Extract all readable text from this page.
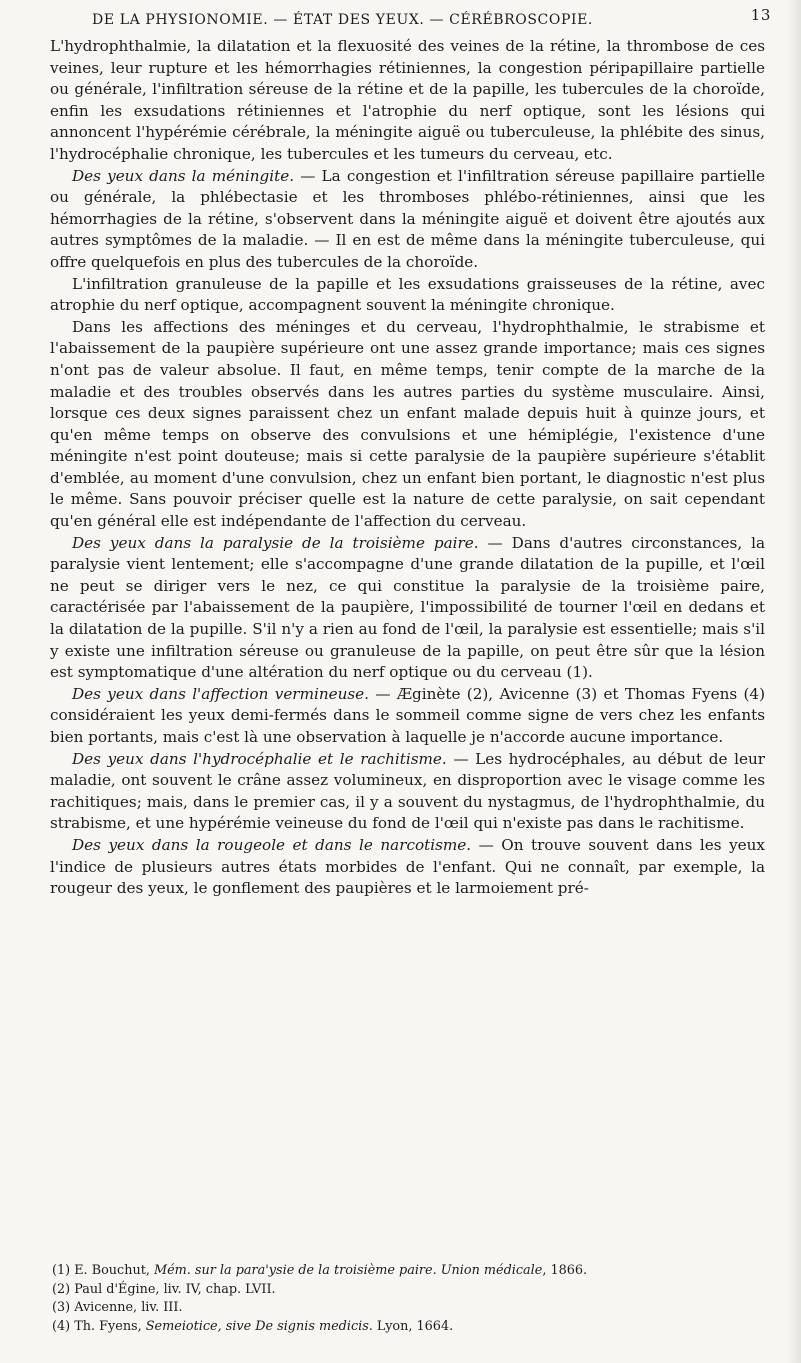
DE LA PHYSIONOMIE. — ÉTAT DES YEUX. — CÉRÉBROSCOPIE.	13

L'hydrophthalmie, la dilatation et la flexuosité des veines de la rétine, la thrombose de ces veines, leur rupture et les hémorrhagies rétiniennes, la congestion péripapillaire partielle ou générale, l'infiltration séreuse de la rétine et de la papille, les tubercules de la choroïde, enfin les exsudations rétiniennes et l'atrophie du nerf optique, sont les lésions qui annoncent l'hypérémie cérébrale, la méningite aiguë ou tuberculeuse, la phlébite des sinus, l'hydrocéphalie chronique, les tubercules et les tumeurs du cerveau, etc.

Des yeux dans la méningite. — La congestion et l'infiltration séreuse papillaire partielle ou générale, la phlébectasie et les thromboses phlébo-rétiniennes, ainsi que les hémorrhagies de la rétine, s'observent dans la méningite aiguë et doivent être ajoutés aux autres symptômes de la maladie. — Il en est de même dans la méningite tuberculeuse, qui offre quelquefois en plus des tubercules de la choroïde.

L'infiltration granuleuse de la papille et les exsudations graisseuses de la rétine, avec atrophie du nerf optique, accompagnent souvent la méningite chronique.

Dans les affections des méninges et du cerveau, l'hydrophthalmie, le strabisme et l'abaissement de la paupière supérieure ont une assez grande importance; mais ces signes n'ont pas de valeur absolue. Il faut, en même temps, tenir compte de la marche de la maladie et des troubles observés dans les autres parties du système musculaire. Ainsi, lorsque ces deux signes paraissent chez un enfant malade depuis huit à quinze jours, et qu'en même temps on observe des convulsions et une hémiplégie, l'existence d'une méningite n'est point douteuse; mais si cette paralysie de la paupière supérieure s'établit d'emblée, au moment d'une convulsion, chez un enfant bien portant, le diagnostic n'est plus le même. Sans pouvoir préciser quelle est la nature de cette paralysie, on sait cependant qu'en général elle est indépendante de l'affection du cerveau.

Des yeux dans la paralysie de la troisième paire. — Dans d'autres circonstances, la paralysie vient lentement; elle s'accompagne d'une grande dilatation de la pupille, et l'œil ne peut se diriger vers le nez, ce qui constitue la paralysie de la troisième paire, caractérisée par l'abaissement de la paupière, l'impossibilité de tourner l'œil en dedans et la dilatation de la pupille. S'il n'y a rien au fond de l'œil, la paralysie est essentielle; mais s'il y existe une infiltration séreuse ou granuleuse de la papille, on peut être sûr que la lésion est symptomatique d'une altération du nerf optique ou du cerveau (1).

Des yeux dans l'affection vermineuse. — Æginète (2), Avicenne (3) et Thomas Fyens (4) considéraient les yeux demi-fermés dans le sommeil comme signe de vers chez les enfants bien portants, mais c'est là une observation à laquelle je n'accorde aucune importance.

Des yeux dans l'hydrocéphalie et le rachitisme. — Les hydrocéphales, au début de leur maladie, ont souvent le crâne assez volumineux, en disproportion avec le visage comme les rachitiques; mais, dans le premier cas, il y a souvent du nystagmus, de l'hydrophthalmie, du strabisme, et une hypérémie veineuse du fond de l'œil qui n'existe pas dans le rachitisme.

Des yeux dans la rougeole et dans le narcotisme. — On trouve souvent dans les yeux l'indice de plusieurs autres états morbides de l'enfant. Qui ne connaît, par exemple, la rougeur des yeux, le gonflement des paupières et le larmoiement pré-

(1) E. Bouchut, Mém. sur la para'ysie de la troisième paire. Union médicale, 1866.
(2) Paul d'Égine, liv. IV, chap. LVII.
(3) Avicenne, liv. III.
(4) Th. Fyens, Semeiotice, sive De signis medicis. Lyon, 1664.
